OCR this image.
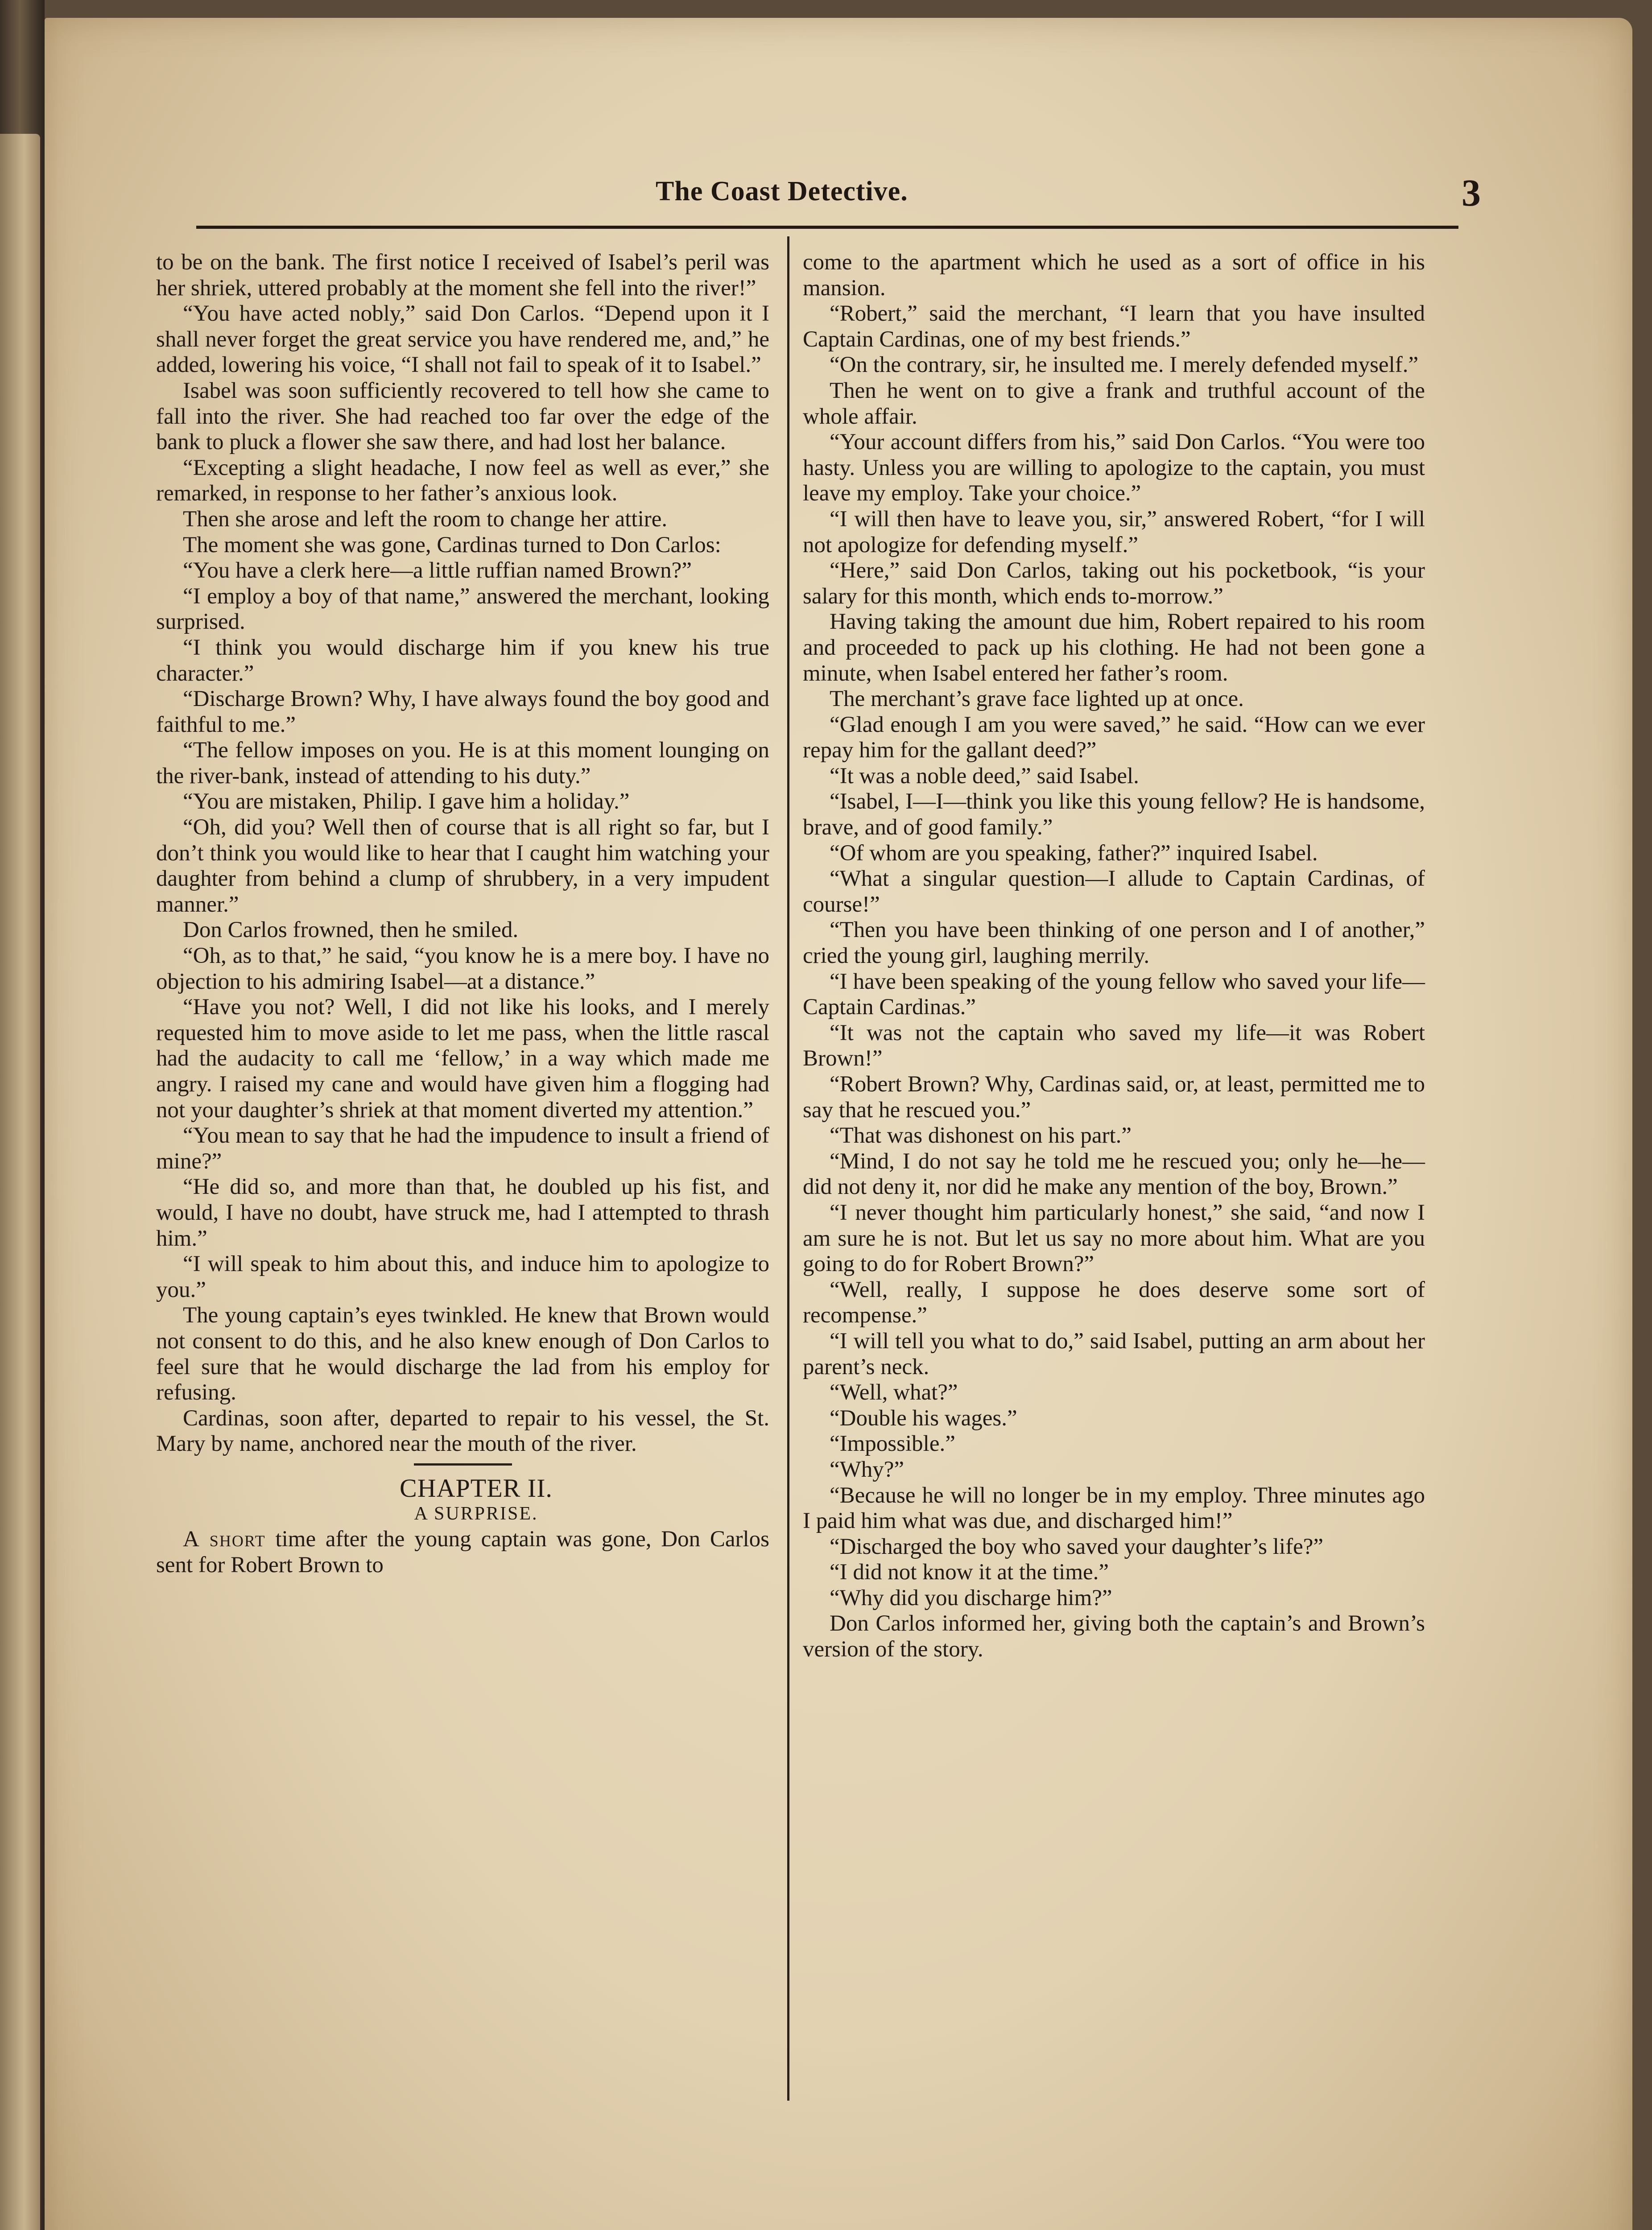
The Coast Detective.	3

to be on the bank. The first notice I received of Isabel’s peril was her shriek, uttered probably at the moment she fell into the river!”

“You have acted nobly,” said Don Carlos. “Depend upon it I shall never forget the great service you have rendered me, and,” he added, lowering his voice, “I shall not fail to speak of it to Isabel.”

Isabel was soon sufficiently recovered to tell how she came to fall into the river. She had reached too far over the edge of the bank to pluck a flower she saw there, and had lost her balance.

“Excepting a slight headache, I now feel as well as ever,” she remarked, in response to her father’s anxious look.

Then she arose and left the room to change her attire.

The moment she was gone, Cardinas turned to Don Carlos:

“You have a clerk here—a little ruffian named Brown?”

“I employ a boy of that name,” answered the merchant, looking surprised.

“I think you would discharge him if you knew his true character.”

“Discharge Brown? Why, I have always found the boy good and faithful to me.”

“The fellow imposes on you. He is at this moment lounging on the river-bank, instead of attending to his duty.”

“You are mistaken, Philip. I gave him a holiday.”

“Oh, did you? Well then of course that is all right so far, but I don’t think you would like to hear that I caught him watching your daughter from behind a clump of shrubbery, in a very impudent manner.”

Don Carlos frowned, then he smiled.

“Oh, as to that,” he said, “you know he is a mere boy. I have no objection to his admiring Isabel—at a distance.”

“Have you not? Well, I did not like his looks, and I merely requested him to move aside to let me pass, when the little rascal had the audacity to call me ‘fellow,’ in a way which made me angry. I raised my cane and would have given him a flogging had not your daughter’s shriek at that moment diverted my attention.”

“You mean to say that he had the impudence to insult a friend of mine?”

“He did so, and more than that, he doubled up his fist, and would, I have no doubt, have struck me, had I attempted to thrash him.”

“I will speak to him about this, and induce him to apologize to you.”

The young captain’s eyes twinkled. He knew that Brown would not consent to do this, and he also knew enough of Don Carlos to feel sure that he would discharge the lad from his employ for refusing.

Cardinas, soon after, departed to repair to his vessel, the St. Mary by name, anchored near the mouth of the river.

CHAPTER II.

A SURPRISE.

A short time after the young captain was gone, Don Carlos sent for Robert Brown to

come to the apartment which he used as a sort of office in his mansion.

“Robert,” said the merchant, “I learn that you have insulted Captain Cardinas, one of my best friends.”

“On the contrary, sir, he insulted me. I merely defended myself.”

Then he went on to give a frank and truthful account of the whole affair.

“Your account differs from his,” said Don Carlos. “You were too hasty. Unless you are willing to apologize to the captain, you must leave my employ. Take your choice.”

“I will then have to leave you, sir,” answered Robert, “for I will not apologize for defending myself.”

“Here,” said Don Carlos, taking out his pocketbook, “is your salary for this month, which ends to-morrow.”

Having taking the amount due him, Robert repaired to his room and proceeded to pack up his clothing. He had not been gone a minute, when Isabel entered her father’s room.

The merchant’s grave face lighted up at once.

“Glad enough I am you were saved,” he said. “How can we ever repay him for the gallant deed?”

“It was a noble deed,” said Isabel.

“Isabel, I—I—think you like this young fellow? He is handsome, brave, and of good family.”

“Of whom are you speaking, father?” inquired Isabel.

“What a singular question—I allude to Captain Cardinas, of course!”

“Then you have been thinking of one person and I of another,” cried the young girl, laughing merrily.

“I have been speaking of the young fellow who saved your life—Captain Cardinas.”

“It was not the captain who saved my life—it was Robert Brown!”

“Robert Brown? Why, Cardinas said, or, at least, permitted me to say that he rescued you.”

“That was dishonest on his part.”

“Mind, I do not say he told me he rescued you; only he—he—did not deny it, nor did he make any mention of the boy, Brown.”

“I never thought him particularly honest,” she said, “and now I am sure he is not. But let us say no more about him. What are you going to do for Robert Brown?”

“Well, really, I suppose he does deserve some sort of recompense.”

“I will tell you what to do,” said Isabel, putting an arm about her parent’s neck.

“Well, what?”

“Double his wages.”

“Impossible.”

“Why?”

“Because he will no longer be in my employ. Three minutes ago I paid him what was due, and discharged him!”

“Discharged the boy who saved your daughter’s life?”

“I did not know it at the time.”

“Why did you discharge him?”

Don Carlos informed her, giving both the captain’s and Brown’s version of the story.
